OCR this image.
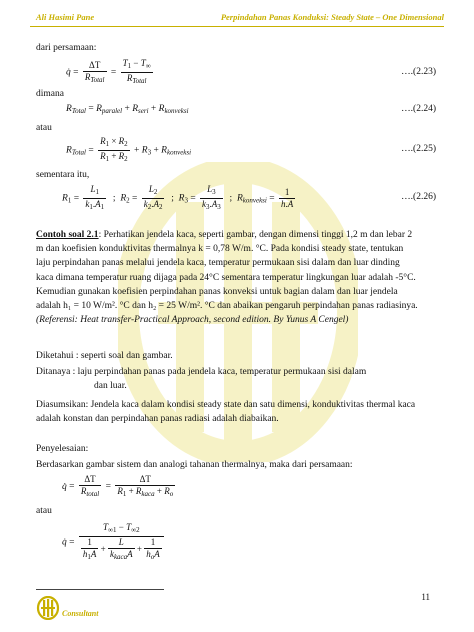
Ali Hasimi Pane	Perpindahan Panas Konduksi: Steady State – One Dimensional
dari persamaan:
q̇ = $\frac{\Delta T}{R_{Total}} = \frac{T_1 - T_\infty}{R_{Total}}$	….(2.23)
dimana
$R_{Total} = R_{paralel} + R_{seri} + R_{konveksi}$	….(2.24)
atau
$R_{Total} = \frac{R_1 \times R_2}{R_1 + R_2} + R_3 + R_{konveksi}$	….(2.25)
sementara itu,
$R_1 = \frac{L_1}{k_1.A_1}$ ;  $R_2 = \frac{L_2}{k_2.A_2}$ ;  $R_3 = \frac{L_3}{k_3.A_3}$ ;  $R_{konveksi} = \frac{1}{h.A}$	….(2.26)
Contoh soal 2.1: Perhatikan jendela kaca, seperti gambar, dengan dimensi tinggi 1,2 m dan lebar 2
m dan koefisien konduktivitas thermalnya k = 0,78 W/m. °C. Pada kondisi steady state, tentukan
laju perpindahan panas melalui jendela kaca, temperatur permukaan sisi dalam dan luar dinding
kaca dimana temperatur ruang dijaga pada 24°C sementara temperatur lingkungan luar adalah -5°C.
Kemudian gunakan koefisien perpindahan panas konveksi untuk bagian dalam dan luar jendela
adalah h₁ = 10 W/m². °C dan h₂ = 25 W/m². °C dan abaikan pengaruh perpindahan panas radiasinya.
(Referensi: Heat transfer-Practical Approach, second edition. By Yunus A Cengel)
Diketahui : seperti soal dan gambar.
Ditanaya : laju perpindahan panas pada jendela kaca, temperatur permukaan sisi dalam
dan luar.
Diasumsikan: Jendela kaca dalam kondisi steady state dan satu dimensi, konduktivitas thermal kaca
adalah konstan dan perpindahan panas radiasi adalah diabaikan.
Penyelesaian:
Berdasarkan gambar sistem dan analogi tahanan thermalnya, maka dari persamaan:
q̇ = $\frac{\Delta T}{R_{total}} = \frac{\Delta T}{R_1 + R_{kaca} + R_o}$
atau
q̇ = $\frac{T_{\infty 1} - T_{\infty 2}}{\frac{1}{h_1A} + \frac{L}{k_{kaca}A} + \frac{1}{h_oA}}$
11
Consultant
